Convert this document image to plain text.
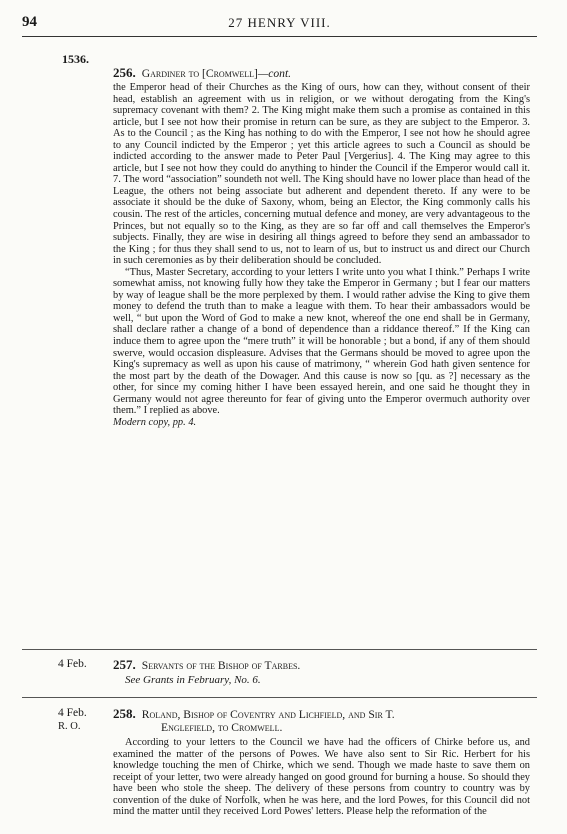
94	27 HENRY VIII.
1536.
256. Gardiner to [Cromwell]—cont.

the Emperor head of their Churches as the King of ours, how can they, without consent of their head, establish an agreement with us in religion, or we without derogating from the King's supremacy covenant with them? 2. The King might make them such a promise as contained in this article, but I see not how their promise in return can be sure, as they are subject to the Emperor. 3. As to the Council ; as the King has nothing to do with the Emperor, I see not how he should agree to any Council indicted by the Emperor ; yet this article agrees to such a Council as should be indicted according to the answer made to Peter Paul [Vergerius]. 4. The King may agree to this article, but I see not how they could do anything to hinder the Council if the Emperor would call it. 7. The word “association” soundeth not well. The King should have no lower place than head of the League, the others not being associate but adherent and dependent thereto. If any were to be associate it should be the duke of Saxony, whom, being an Elector, the King commonly calls his cousin. The rest of the articles, concerning mutual defence and money, are very advantageous to the Princes, but not equally so to the King, as they are so far off and call themselves the Emperor's subjects. Finally, they are wise in desiring all things agreed to before they send an ambassador to the King ; for thus they shall send to us, not to learn of us, but to instruct us and direct our Church in such ceremonies as by their deliberation should be concluded.

“Thus, Master Secretary, according to your letters I write unto you what I think.” Perhaps I write somewhat amiss, not knowing fully how they take the Emperor in Germany ; but I fear our matters by way of league shall be the more perplexed by them. I would rather advise the King to give them money to defend the truth than to make a league with them. To hear their ambassadors would be well, “ but upon the Word of God to make a new knot, whereof the one end shall be in Germany, shall declare rather a change of a bond of dependence than a riddance thereof.” If the King can induce them to agree upon the “mere truth” it will be honorable ; but a bond, if any of them should swerve, would occasion displeasure. Advises that the Germans should be moved to agree upon the King's supremacy as well as upon his cause of matrimony, “ wherein God hath given sentence for the most part by the death of the Dowager. And this cause is now so [qu. as ?] necessary as the other, for since my coming hither I have been essayed herein, and one said he thought they in Germany would not agree thereunto for fear of giving unto the Emperor overmuch authority over them.” I replied as above.

Modern copy, pp. 4.

4 Feb. 257. Servants of the Bishop of Tarbes.
See Grants in February, No. 6.
4 Feb.
R. O.
258. Roland, Bishop of Coventry and Lichfield, and Sir T.
Englefield, to Cromwell.

According to your letters to the Council we have had the officers of Chirke before us, and examined the matter of the persons of Powes. We have also sent to Sir Ric. Herbert for his knowledge touching the men of Chirke, which we send. Though we made haste to save them on receipt of your letter, two were already hanged on good ground for burning a house. So should they have been who stole the sheep. The delivery of these persons from country to country was by convention of the duke of Norfolk, when he was here, and the lord Powes, for this Council did not mind the matter until they received Lord Powes' letters. Please help the reformation of the
